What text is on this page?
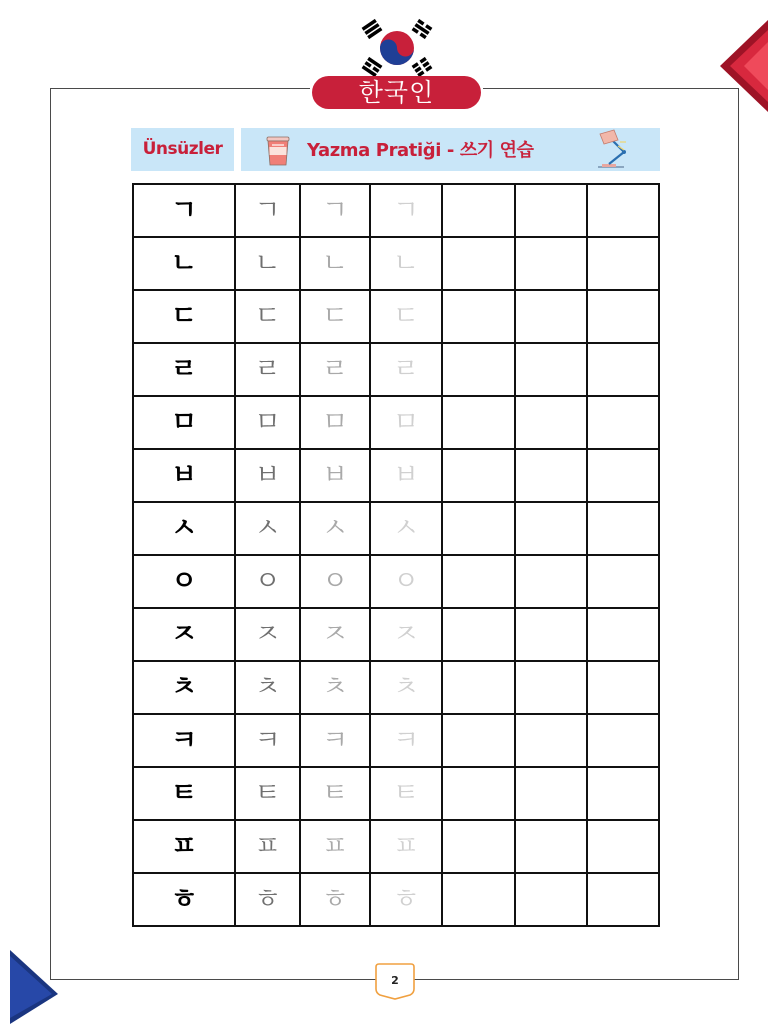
한국인
Ünsüzler	Yazma Pratiği - 쓰기 연습
ㄱ	ㄱ	ㄱ	ㄱ			
ㄴ	ㄴ	ㄴ	ㄴ			
ㄷ	ㄷ	ㄷ	ㄷ			
ㄹ	ㄹ	ㄹ	ㄹ			
ㅁ	ㅁ	ㅁ	ㅁ			
ㅂ	ㅂ	ㅂ	ㅂ			
ㅅ	ㅅ	ㅅ	ㅅ			
ㅇ	ㅇ	ㅇ	ㅇ			
ㅈ	ㅈ	ㅈ	ㅈ			
ㅊ	ㅊ	ㅊ	ㅊ			
ㅋ	ㅋ	ㅋ	ㅋ			
ㅌ	ㅌ	ㅌ	ㅌ			
ㅍ	ㅍ	ㅍ	ㅍ			
ㅎ	ㅎ	ㅎ	ㅎ			
2
